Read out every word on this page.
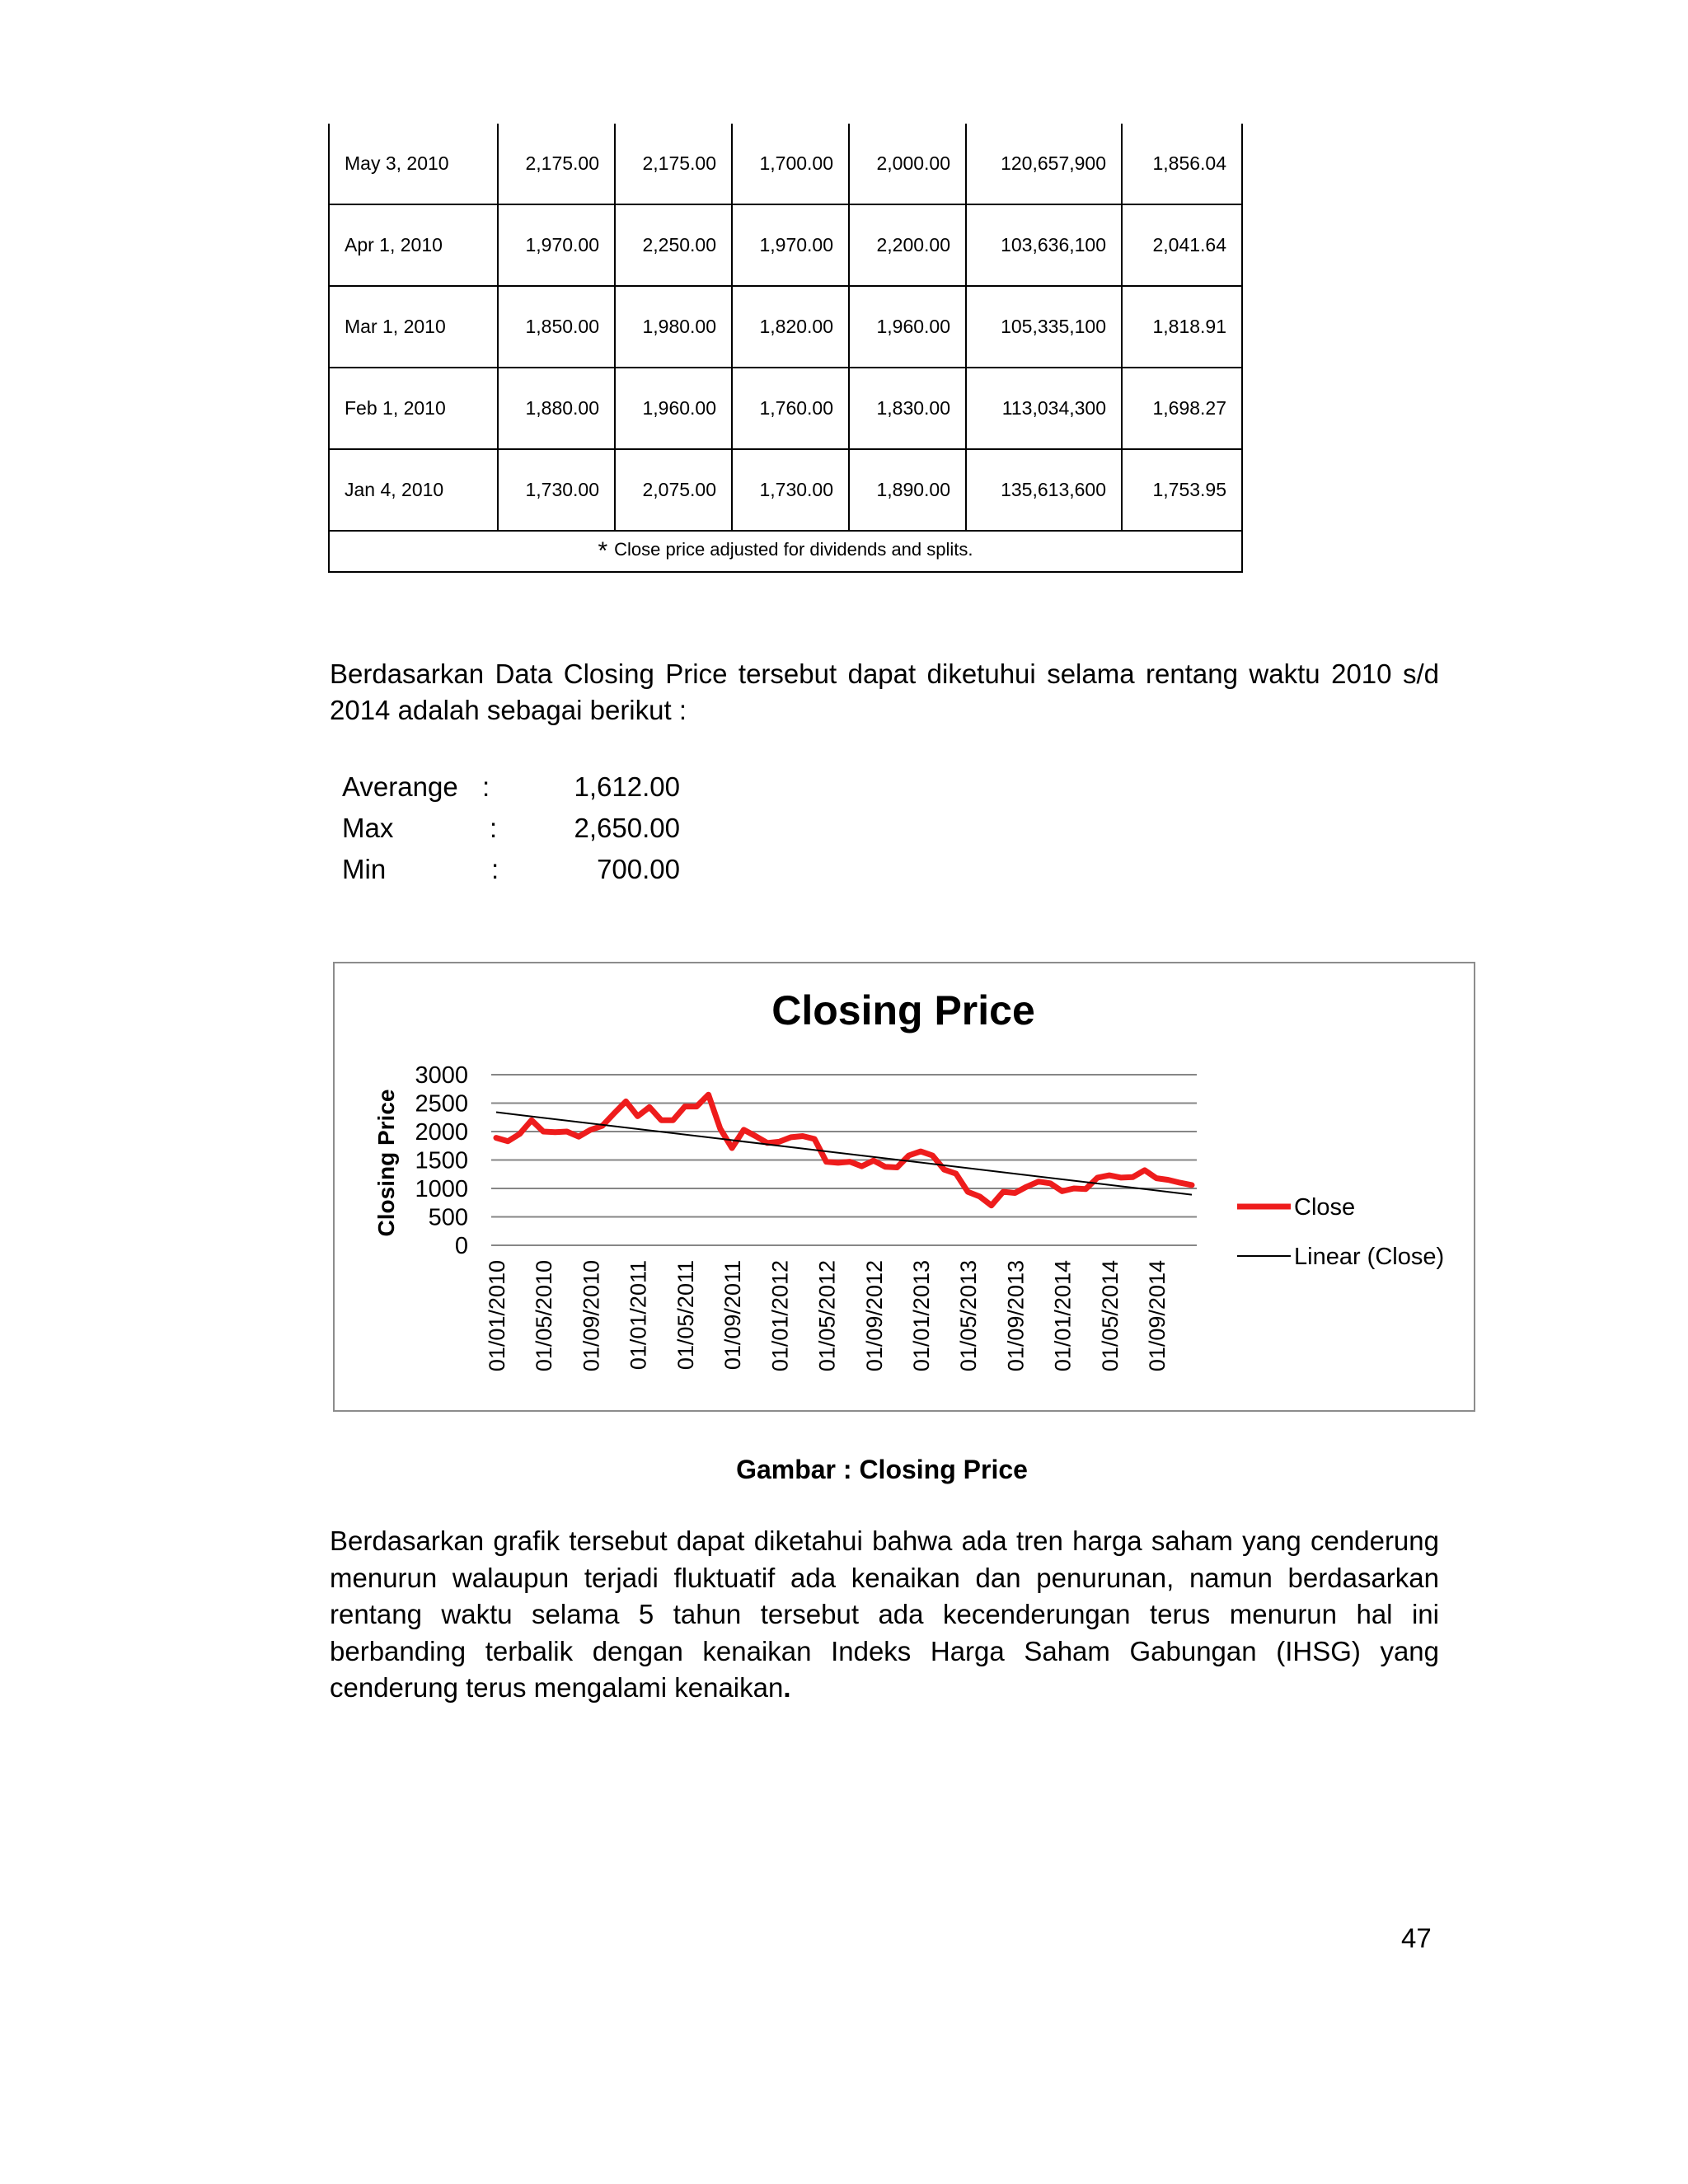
May 3, 2010	2,175.00	2,175.00	1,700.00	2,000.00	120,657,900	1,856.04
Apr 1, 2010	1,970.00	2,250.00	1,970.00	2,200.00	103,636,100	2,041.64
Mar 1, 2010	1,850.00	1,980.00	1,820.00	1,960.00	105,335,100	1,818.91
Feb 1, 2010	1,880.00	1,960.00	1,760.00	1,830.00	113,034,300	1,698.27
Jan 4, 2010	1,730.00	2,075.00	1,730.00	1,890.00	135,613,600	1,753.95
* Close price adjusted for dividends and splits.						
Berdasarkan Data Closing Price tersebut dapat diketuhui selama rentang waktu 2010 s/d 2014 adalah sebagai berikut :
Averange :	1,612.00
Max	:	2,650.00
Min	:	700.00
Closing Price
Closing Price
3000
2500
2000
1500
1000
500
0
01/01/2010 01/05/2010 01/09/2010 01/01/2011 01/05/2011 01/09/2011 01/01/2012 01/05/2012 01/09/2012 01/01/2013 01/05/2013 01/09/2013 01/01/2014 01/05/2014 01/09/2014
Close
Linear (Close)
Gambar : Closing Price
Berdasarkan grafik tersebut dapat diketahui bahwa ada tren harga saham yang cenderung menurun walaupun terjadi fluktuatif ada kenaikan dan penurunan, namun berdasarkan rentang waktu selama 5 tahun tersebut ada kecenderungan terus menurun hal ini berbanding terbalik dengan kenaikan Indeks Harga Saham Gabungan (IHSG) yang cenderung terus mengalami kenaikan.
47
